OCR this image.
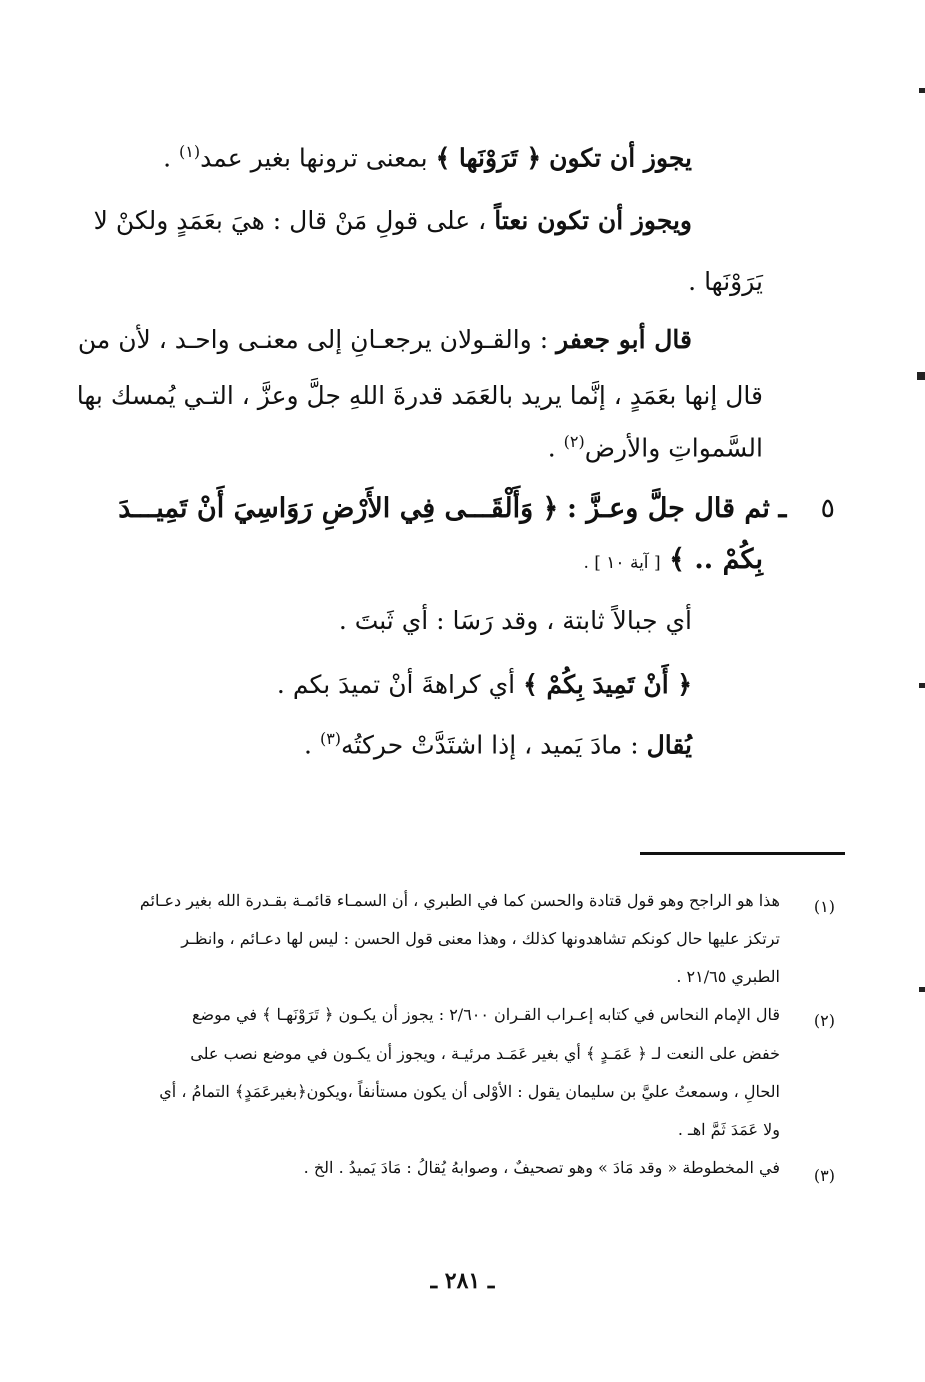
يجوز أن تكون ﴿ تَرَوْنَها ﴾ بمعنى ترونها بغير عمد$^{(١)}$ .
ويجوز أن تكون نعتاً ، على قولِ مَنْ قال : هيَ بعَمَدٍ ولكنْ لا
يَرَوْنَها .
قال أبو جعفر : والقـولان يرجعـانِ إلى معنـى واحـد ، لأن من
قال إنها بعَمَدٍ ، إنَّما يريد بالعَمَد قدرةَ اللهِ جلَّ وعزَّ ، التـي يُمسك بها
السَّمواتِ والأرض$^{(٢)}$ .
٥ ـ ثم قال جلَّ وعـزَّ : ﴿ وَأَلْقَـــى فِي الأَرْضِ رَوَاسِيَ أَنْ تَمِيـــدَ
بِكُمْ .. ﴾ [ آية ١٠ ] .
أي جبالاً ثابتة ، وقد رَسَا : أي ثَبتَ .
﴿ أَنْ تَمِيدَ بِكُمْ ﴾ أي كراهةَ أنْ تميدَ بكم .
يُقال : مادَ يَميد ، إذا اشتَدَّتْ حركتُه$^{(٣)}$ .
(١)
هذا هو الراجح وهو قول قتادة والحسن كما في الطبري ، أن السمـاء قائمـة بقـدرة الله بغير دعـائم
ترتكز عليها حال كونكم تشاهدونها كذلك ، وهذا معنى قول الحسن : ليس لها دعـائم ، وانظـر
الطبري ٢١/٦٥ .
(٢)
قال الإمام النحاس في كتابه إعـراب القـران ٢/٦٠٠ : يجوز أن يكـون ﴿ تَرَوْنَهـا ﴾ في موضع
خفض على النعت لـ ﴿ عَمَـدٍ ﴾ أي بغير عَمَـد مرئيـة ، ويجوز أن يكـون في موضع نصب على
الحالِ ، وسمعتُ عليَّ بن سليمان يقول : الأوْلى أن يكون مستأنفاً ،ويكون﴿بغيرعَمَدٍ﴾ التمامُ ، أي
ولا عَمَدَ ثَمَّ اهـ .
(٣)
في المخطوطة « وقد مَادَ » وهو تصحيفٌ ، وصوابهُ يُقالُ : مَادَ يَميدُ . الخ .
ـ ٢٨١ ـ
